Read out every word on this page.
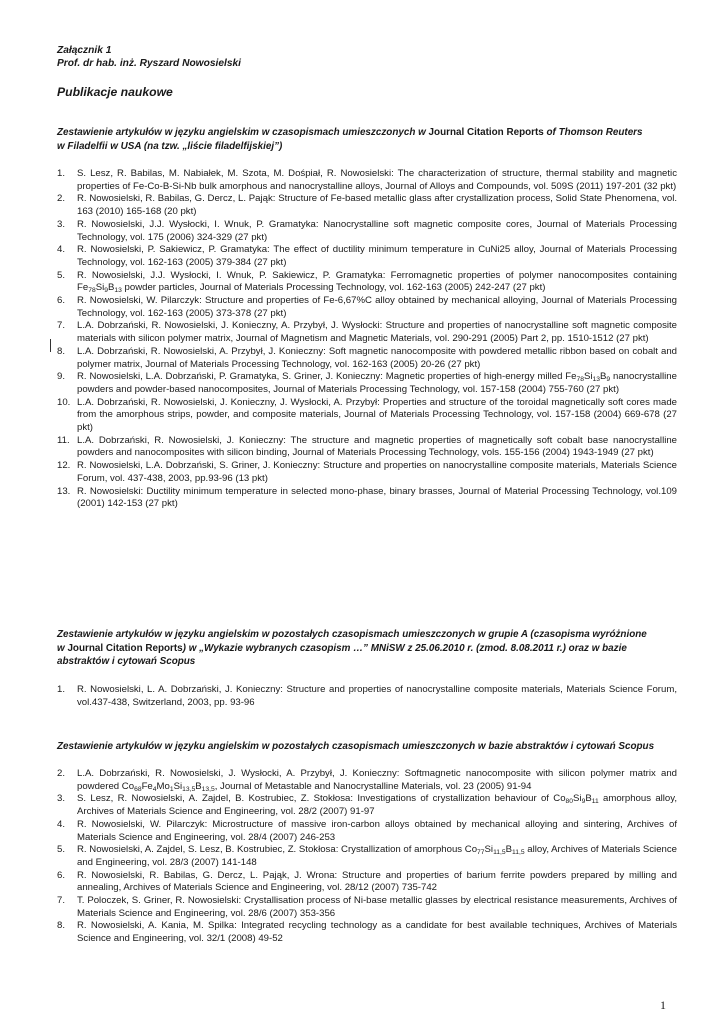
Załącznik 1
Prof. dr hab. inż. Ryszard Nowosielski
Publikacje naukowe
Zestawienie artykułów w języku angielskim w czasopismach umieszczonych w Journal Citation Reports of Thomson Reuters
w Filadelfii w USA (na tzw. „liście filadelfijskiej”)
1. S. Lesz, R. Babilas, M. Nabiałek, M. Szota, M. Dośpiał, R. Nowosielski: The characterization of structure, thermal stability and magnetic properties of Fe-Co-B-Si-Nb bulk amorphous and nanocrystalline alloys, Journal of Alloys and Compounds, vol. 509S (2011) 197-201 (32 pkt)
2. R. Nowosielski, R. Babilas, G. Dercz, L. Pająk: Structure of Fe-based metallic glass after crystallization process, Solid State Phenomena, vol. 163 (2010) 165-168 (20 pkt)
3. R. Nowosielski, J.J. Wysłocki, I. Wnuk, P. Gramatyka: Nanocrystalline soft magnetic composite cores, Journal of Materials Processing Technology, vol. 175 (2006) 324-329 (27 pkt)
4. R. Nowosielski, P. Sakiewicz, P. Gramatyka: The effect of ductility minimum temperature in CuNi25 alloy, Journal of Materials Processing Technology, vol. 162-163 (2005) 379-384 (27 pkt)
5. R. Nowosielski, J.J. Wysłocki, I. Wnuk, P. Sakiewicz, P. Gramatyka: Ferromagnetic properties of polymer nanocomposites containing $Fe_{78}Si_9B_{13}$ powder particles, Journal of Materials Processing Technology, vol. 162-163 (2005) 242-247 (27 pkt)
6. R. Nowosielski, W. Pilarczyk: Structure and properties of Fe-6,67%C alloy obtained by mechanical alloying, Journal of Materials Processing Technology, vol. 162-163 (2005) 373-378 (27 pkt)
7. L.A. Dobrzański, R. Nowosielski, J. Konieczny, A. Przybył, J. Wysłocki: Structure and properties of nanocrystalline soft magnetic composite materials with silicon polymer matrix, Journal of Magnetism and Magnetic Materials, vol. 290-291 (2005) Part 2, pp. 1510-1512 (27 pkt)
8. L.A. Dobrzański, R. Nowosielski, A. Przybył, J. Konieczny: Soft magnetic nanocomposite with powdered metallic ribbon based on cobalt and polymer matrix, Journal of Materials Processing Technology, vol. 162-163 (2005) 20-26 (27 pkt)
9. R. Nowosielski, L.A. Dobrzański, P. Gramatyka, S. Griner, J. Konieczny: Magnetic properties of high-energy milled $Fe_{78}Si_{13}B_9$ nanocrystalline powders and powder-based nanocomposites, Journal of Materials Processing Technology, vol. 157-158 (2004) 755-760 (27 pkt)
10. L.A. Dobrzański, R. Nowosielski, J. Konieczny, J. Wysłocki, A. Przybył: Properties and structure of the toroidal magnetically soft cores made from the amorphous strips, powder, and composite materials, Journal of Materials Processing Technology, vol. 157-158 (2004) 669-678 (27 pkt)
11. L.A. Dobrzański, R. Nowosielski, J. Konieczny: The structure and magnetic properties of magnetically soft cobalt base nanocrystalline powders and nanocomposites with silicon binding, Journal of Materials Processing Technology, vols. 155-156 (2004) 1943-1949 (27 pkt)
12. R. Nowosielski, L.A. Dobrzański, S. Griner, J. Konieczny: Structure and properties on nanocrystalline composite materials, Materials Science Forum, vol. 437-438, 2003, pp.93-96 (13 pkt)
13. R. Nowosielski: Ductility minimum temperature in selected mono-phase, binary brasses, Journal of Material Processing Technology, vol.109 (2001) 142-153 (27 pkt)
Zestawienie artykułów w języku angielskim w pozostałych czasopismach umieszczonych w grupie A (czasopisma wyróżnione w Journal Citation Reports) w „Wykazie wybranych czasopism …” MNiSW z 25.06.2010 r. (zmod. 8.08.2011 r.) oraz w bazie abstraktów i cytowań Scopus
1. R. Nowosielski, L. A. Dobrzański, J. Konieczny: Structure and properties of nanocrystalline composite materials, Materials Science Forum, vol.437-438, Switzerland, 2003, pp. 93-96
Zestawienie artykułów w języku angielskim w pozostałych czasopismach umieszczonych w bazie abstraktów i cytowań Scopus
2. L.A. Dobrzański, R. Nowosielski, J. Wysłocki, A. Przybył, J. Konieczny: Softmagnetic nanocomposite with silicon polymer matrix and powdered $Co_{68}Fe_4Mo_1Si_{13,5}B_{13,5}$, Journal of Metastable and Nanocrystalline Materials, vol. 23 (2005) 91-94
3. S. Lesz, R. Nowosielski, A. Zajdel, B. Kostrubiec, Z. Stokłosa: Investigations of crystallization behaviour of $Co_{80}Si_9B_{11}$ amorphous alloy, Archives of Materials Science and Engineering, vol. 28/2 (2007) 91-97
4. R. Nowosielski, W. Pilarczyk: Microstructure of massive iron-carbon alloys obtained by mechanical alloying and sintering, Archives of Materials Science and Engineering, vol. 28/4 (2007) 246-253
5. R. Nowosielski, A. Zajdel, S. Lesz, B. Kostrubiec, Z. Stokłosa: Crystallization of amorphous $Co_{77}Si_{11,5}B_{11,5}$ alloy, Archives of Materials Science and Engineering, vol. 28/3 (2007) 141-148
6. R. Nowosielski, R. Babilas, G. Dercz, L. Pająk, J. Wrona: Structure and properties of barium ferrite powders prepared by milling and annealing, Archives of Materials Science and Engineering, vol. 28/12 (2007) 735-742
7. T. Poloczek, S. Griner, R. Nowosielski: Crystallisation process of Ni-base metallic glasses by electrical resistance measurements, Archives of Materials Science and Engineering, vol. 28/6 (2007) 353-356
8. R. Nowosielski, A. Kania, M. Spilka: Integrated recycling technology as a candidate for best available techniques, Archives of Materials Science and Engineering, vol. 32/1 (2008) 49-52
1
